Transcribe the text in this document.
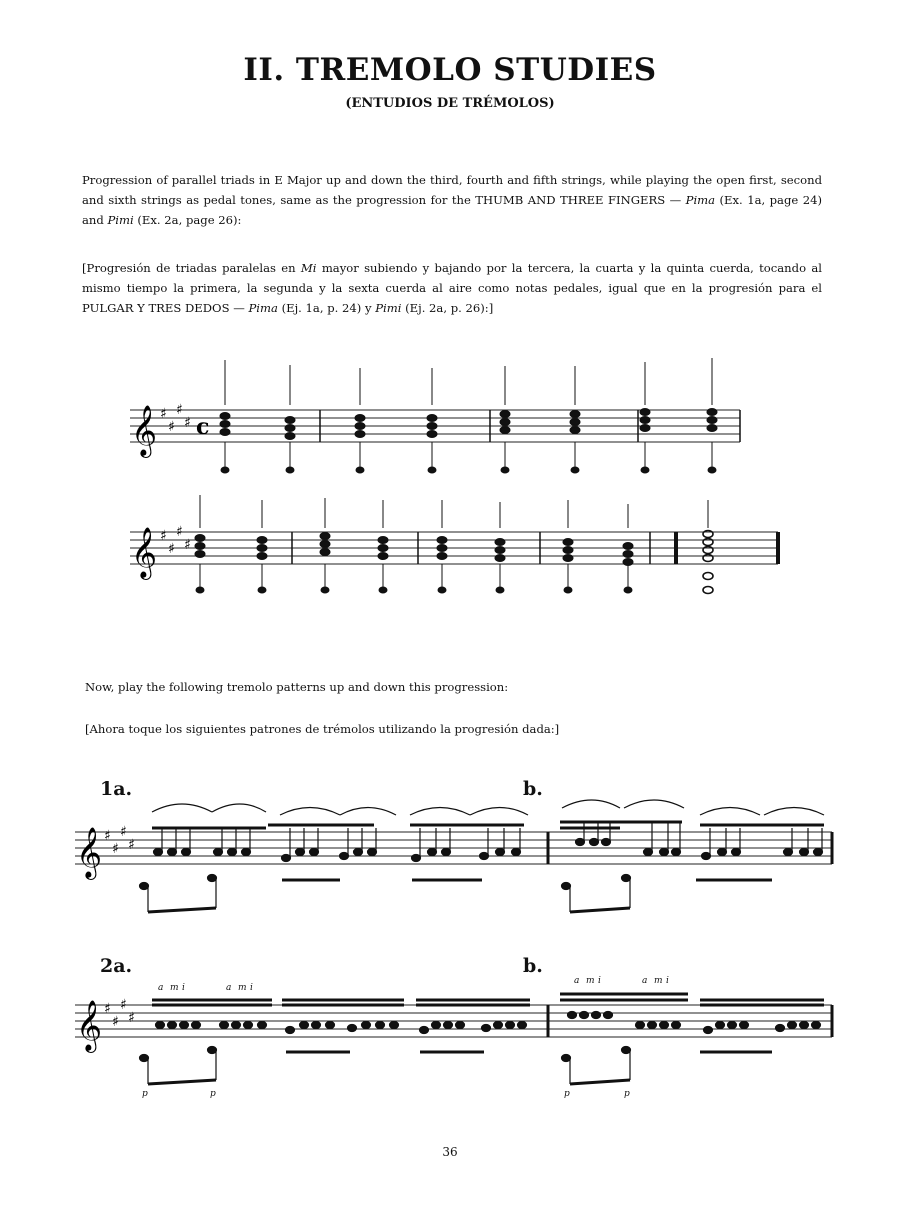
II. TREMOLO STUDIES
(ENTUDIOS DE TRÉMOLOS)
Progression of parallel triads in E Major up and down the third, fourth and fifth strings, while playing the open first, second and sixth strings as pedal tones, same as the progression for the THUMB AND THREE FINGERS — Pima (Ex. 1a, page 24) and Pimi (Ex. 2a, page 26):
[Progresión de triadas paralelas en Mi mayor subiendo y bajando por la tercera, la cuarta y la quinta cuerda, tocando al mismo tiempo la primera, la segunda y la sexta cuerda al aire como notas pedales, igual que en la progresión para el PULGAR Y TRES DEDOS — Pima (Ej. 1a, p. 24) y Pimi (Ej. 2a, p. 26):]
𝄞 ♯
♯
♯
♯ c
𝄞 ♯
♯
♯
♯
Now, play the following tremolo patterns up and down this progression:
[Ahora toque los siguientes patrones de trémolos utilizando la progresión dada:]
1a.	b.
𝄞 ♯
♯
♯
♯
2a.	b.
𝄞 ♯
♯
♯
♯
a m i	a m i
a m i	a m i
p	p	p	p
36
